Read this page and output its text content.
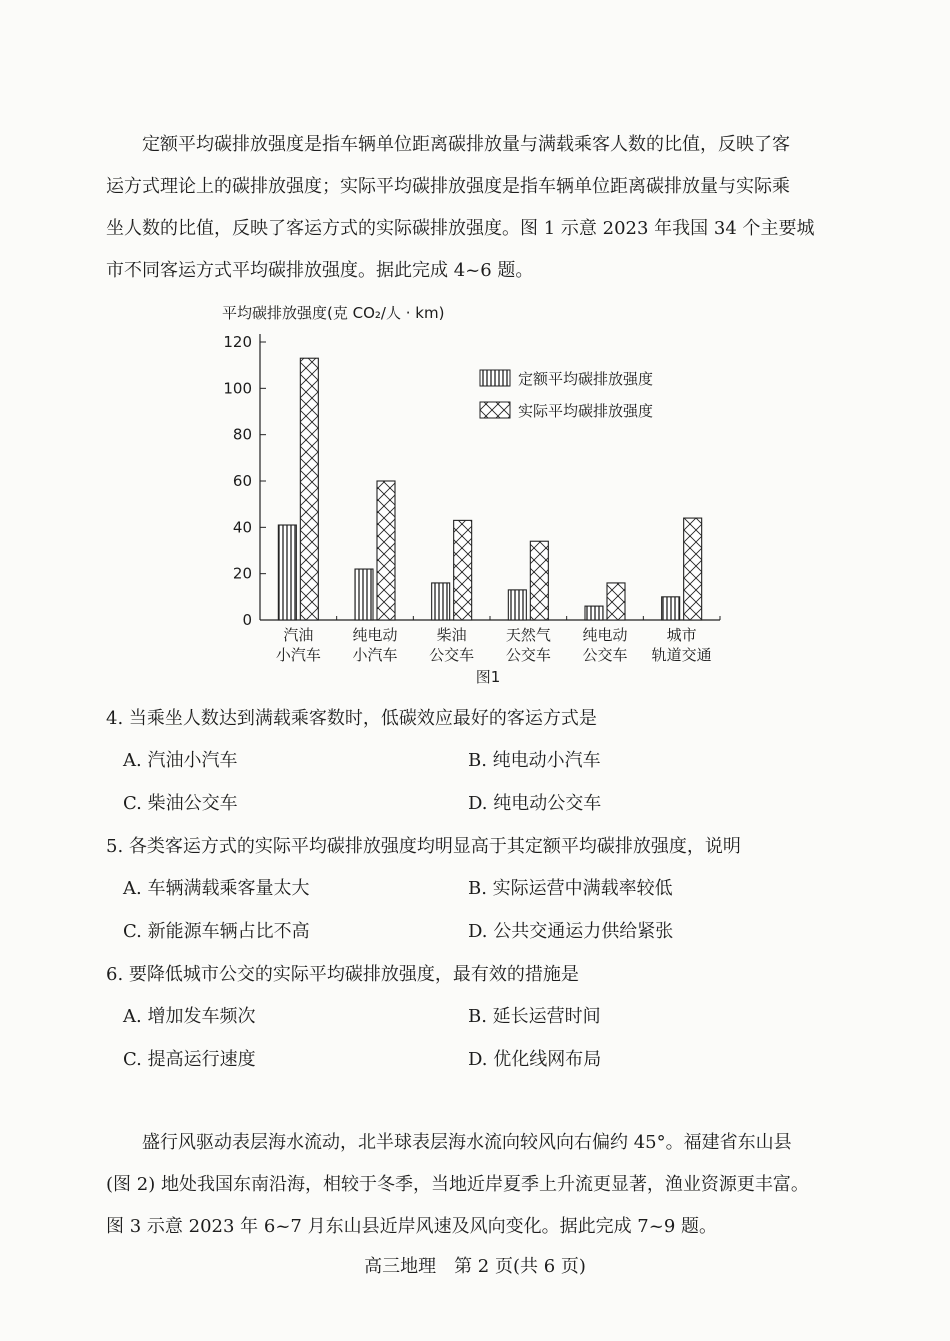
定额平均碳排放强度是指车辆单位距离碳排放量与满载乘客人数的比值，反映了客
运方式理论上的碳排放强度；实际平均碳排放强度是指车辆单位距离碳排放量与实际乘
坐人数的比值，反映了客运方式的实际碳排放强度。图 1 示意 2023 年我国 34 个主要城
市不同客运方式平均碳排放强度。据此完成 4~6 题。
平均碳排放强度(克 CO₂/人 · km)
0
20
40
60
80
100
120
定额平均碳排放强度
实际平均碳排放强度
汽油
小汽车
纯电动
小汽车
柴油
公交车
天然气
公交车
纯电动
公交车
城市
轨道交通
图1
4. 当乘坐人数达到满载乘客数时，低碳效应最好的客运方式是
A. 汽油小汽车	B. 纯电动小汽车
C. 柴油公交车	D. 纯电动公交车
5. 各类客运方式的实际平均碳排放强度均明显高于其定额平均碳排放强度，说明
A. 车辆满载乘客量太大	B. 实际运营中满载率较低
C. 新能源车辆占比不高	D. 公共交通运力供给紧张
6. 要降低城市公交的实际平均碳排放强度，最有效的措施是
A. 增加发车频次	B. 延长运营时间
C. 提高运行速度	D. 优化线网布局
盛行风驱动表层海水流动，北半球表层海水流向较风向右偏约 45°。福建省东山县
(图 2) 地处我国东南沿海，相较于冬季，当地近岸夏季上升流更显著，渔业资源更丰富。
图 3 示意 2023 年 6~7 月东山县近岸风速及风向变化。据此完成 7~9 题。
高三地理　第 2 页(共 6 页)
